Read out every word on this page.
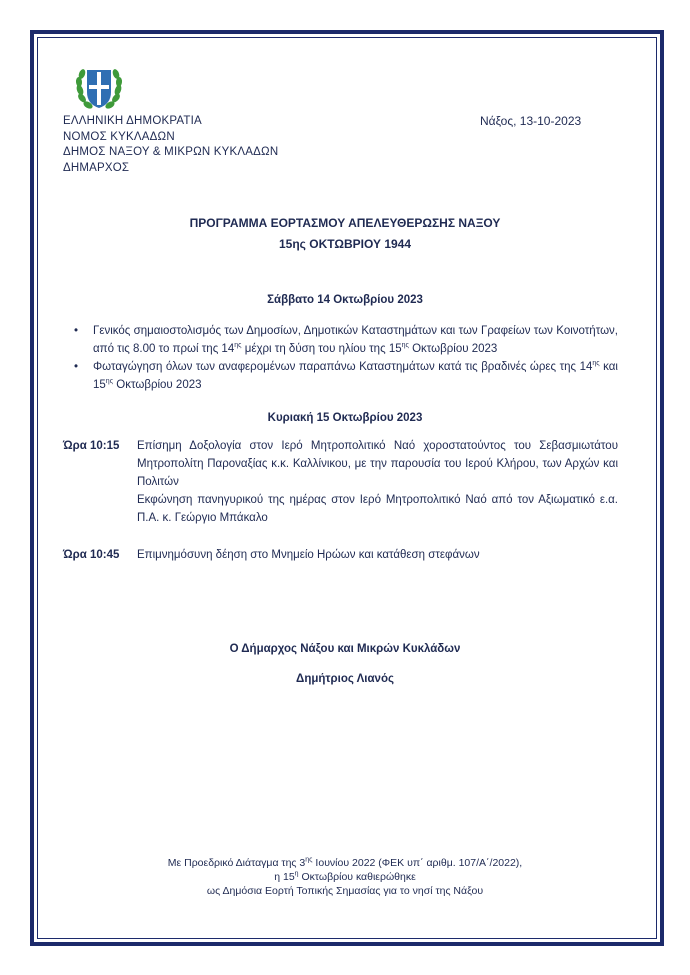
ΕΛΛΗΝΙΚΗ ΔΗΜΟΚΡΑΤΙΑ
ΝΟΜΟΣ ΚΥΚΛΑΔΩΝ
ΔΗΜΟΣ ΝΑΞΟΥ & ΜΙΚΡΩΝ ΚΥΚΛΑΔΩΝ
ΔΗΜΑΡΧΟΣ
Νάξος, 13-10-2023
ΠΡΟΓΡΑΜΜΑ ΕΟΡΤΑΣΜΟΥ ΑΠΕΛΕΥΘΕΡΩΣΗΣ ΝΑΞΟΥ
15ης ΟΚΤΩΒΡΙΟΥ 1944
Σάββατο 14 Οκτωβρίου 2023
• Γενικός σημαιοστολισμός των Δημοσίων, Δημοτικών Καταστημάτων και των Γραφείων των Κοινοτήτων, από τις 8.00 το πρωί της $14^{\eta\varsigma}$ μέχρι τη δύση του ηλίου της $15^{\eta\varsigma}$ Οκτωβρίου 2023
• Φωταγώγηση όλων των αναφερομένων παραπάνω Καταστημάτων κατά τις βραδινές ώρες της $14^{\eta\varsigma}$ και $15^{\eta\varsigma}$ Οκτωβρίου 2023
Κυριακή 15 Οκτωβρίου 2023
Ώρα 10:15 Επίσημη Δοξολογία στον Ιερό Μητροπολιτικό Ναό χοροστατούντος του Σεβασμιωτάτου Μητροπολίτη Παροναξίας κ.κ. Καλλίνικου, με την παρουσία του Ιερού Κλήρου, των Αρχών και Πολιτών
Εκφώνηση πανηγυρικού της ημέρας στον Ιερό Μητροπολιτικό Ναό από τον Αξιωματικό ε.α. Π.Α. κ. Γεώργιο Μπάκαλο
Ώρα 10:45 Επιμνημόσυνη δέηση στο Μνημείο Ηρώων και κατάθεση στεφάνων
Ο Δήμαρχος Νάξου και Μικρών Κυκλάδων
Δημήτριος Λιανός
Με Προεδρικό Διάταγμα της $3^{\eta\varsigma}$ Ιουνίου 2022 (ΦΕΚ υπ΄ αριθμ. 107/Α΄/2022),
η $15^\eta$ Οκτωβρίου καθιερώθηκε
ως Δημόσια Εορτή Τοπικής Σημασίας για το νησί της Νάξου
